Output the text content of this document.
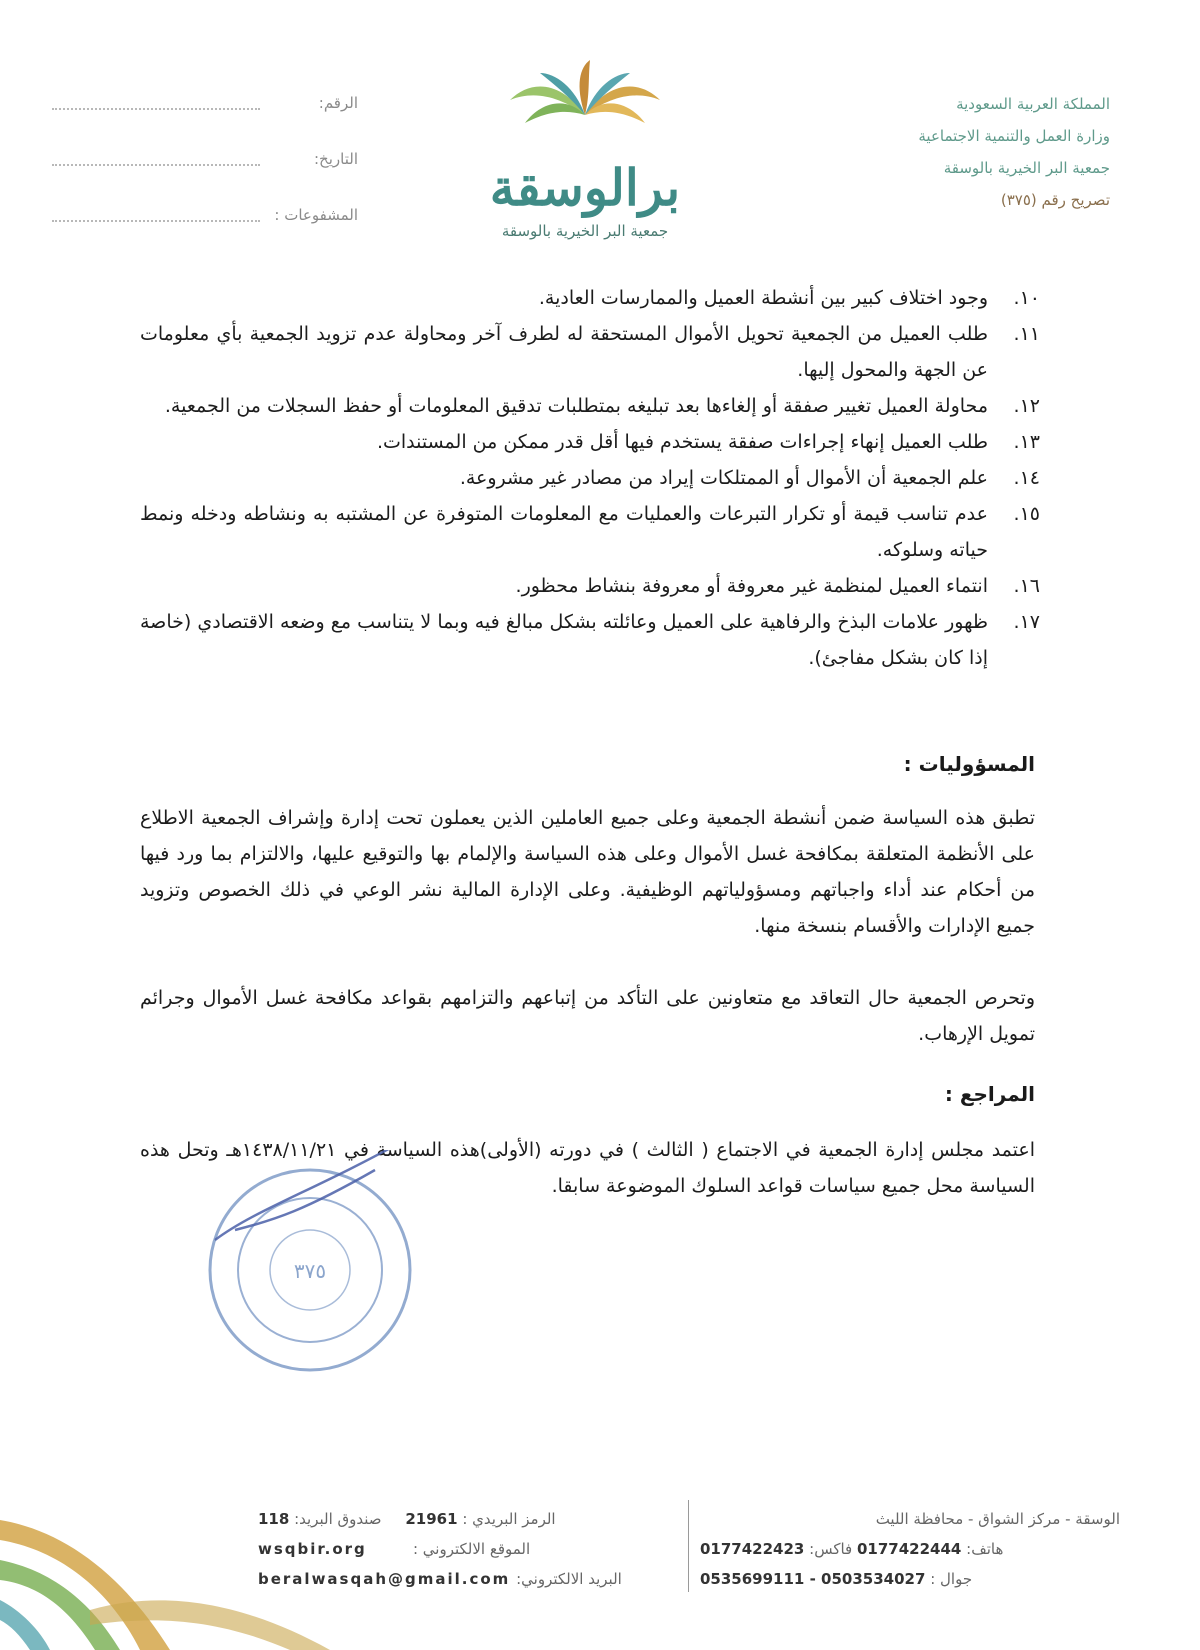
المملكة العربية السعودية
وزارة العمل والتنمية الاجتماعية
جمعية البر الخيرية بالوسقة
تصريح رقم (٣٧٥)
برالوسقة
جمعية البر الخيرية بالوسقة
الرقم:
التاريخ:
المشفوعات :
١٠.
وجود اختلاف كبير بين أنشطة العميل والممارسات العادية.
١١.
طلب العميل من الجمعية تحويل الأموال المستحقة له لطرف آخر ومحاولة عدم تزويد الجمعية بأي معلومات عن الجهة والمحول إليها.
١٢.
محاولة العميل تغيير صفقة أو إلغاءها بعد تبليغه بمتطلبات تدقيق المعلومات أو حفظ السجلات من الجمعية.
١٣.
طلب العميل إنهاء إجراءات صفقة يستخدم فيها أقل قدر ممكن من المستندات.
١٤.
علم الجمعية أن الأموال أو الممتلكات إيراد من مصادر غير مشروعة.
١٥.
عدم تناسب قيمة أو تكرار التبرعات والعمليات مع المعلومات المتوفرة عن المشتبه به ونشاطه ودخله ونمط حياته وسلوكه.
١٦.
انتماء العميل لمنظمة غير معروفة أو معروفة بنشاط محظور.
١٧.
ظهور علامات البذخ والرفاهية على العميل وعائلته بشكل مبالغ فيه وبما لا يتناسب مع وضعه الاقتصادي (خاصة إذا كان بشكل مفاجئ).
المسؤوليات :
تطبق هذه السياسة ضمن أنشطة الجمعية وعلى جميع العاملين الذين يعملون تحت إدارة وإشراف الجمعية الاطلاع على الأنظمة المتعلقة بمكافحة غسل الأموال وعلى هذه السياسة والإلمام بها والتوقيع عليها، والالتزام بما ورد فيها من أحكام عند أداء واجباتهم ومسؤولياتهم الوظيفية. وعلى الإدارة المالية نشر الوعي في ذلك الخصوص وتزويد جميع الإدارات والأقسام بنسخة منها.
وتحرص الجمعية حال التعاقد مع متعاونين على التأكد من إتباعهم والتزامهم بقواعد مكافحة غسل الأموال وجرائم تمويل الإرهاب.
المراجع :
اعتمد مجلس إدارة الجمعية في الاجتماع ( الثالث ) في دورته (الأولى)هذه السياسة في ١٤٣٨/١١/٢١هـ وتحل هذه السياسة محل جميع سياسات قواعد السلوك الموضوعة سابقا.
٣٧٥
118 صندوق البريد: 21961 الرمز البريدي :
wsqbir.org	الموقع الالكتروني :
beralwasqah@gmail.com البريد الالكتروني:
الوسقة - مركز الشواق - محافظة الليث
0177422423 فاكس: 0177422444 هاتف:
0535699111 - 0503534027 جوال :
